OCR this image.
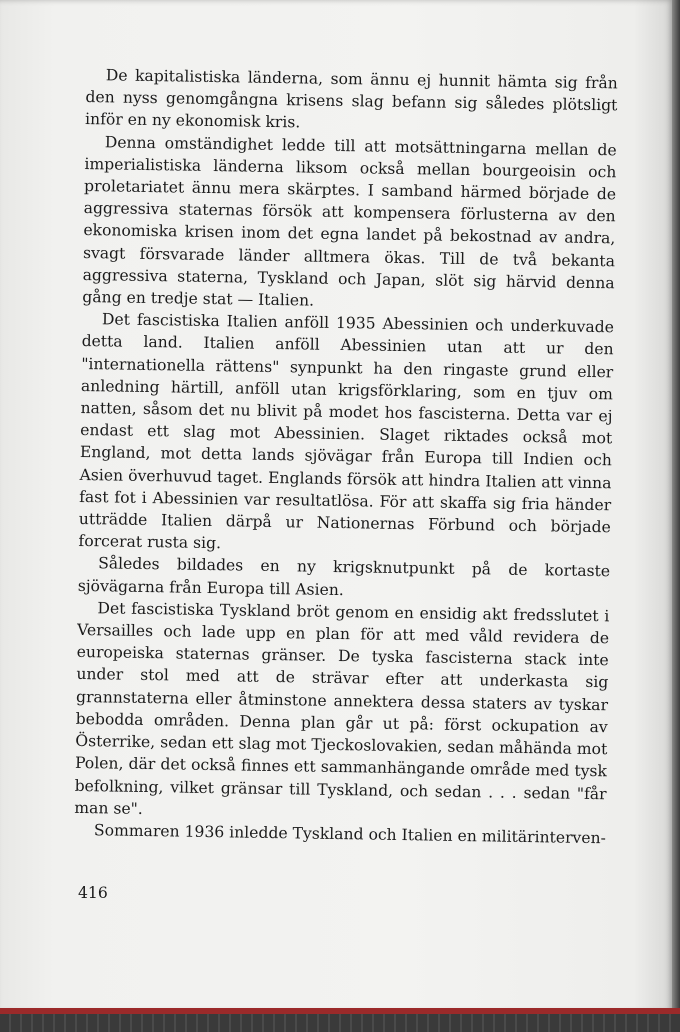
De kapitalistiska länderna, som ännu ej hunnit hämta sig från den nyss genomgångna krisens slag befann sig således plötsligt inför en ny ekonomisk kris.

Denna omständighet ledde till att motsättningarna mellan de imperialistiska länderna liksom också mellan bourgeoisin och proletariatet ännu mera skärptes. I samband härmed började de aggressiva staternas försök att kompensera förlusterna av den ekonomiska krisen inom det egna landet på bekostnad av andra, svagt försvarade länder alltmera ökas. Till de två bekanta aggressiva staterna, Tyskland och Japan, slöt sig härvid denna gång en tredje stat — Italien.

Det fascistiska Italien anföll 1935 Abessinien och underkuvade detta land. Italien anföll Abessinien utan att ur den "internationella rättens" synpunkt ha den ringaste grund eller anledning härtill, anföll utan krigsförklaring, som en tjuv om natten, såsom det nu blivit på modet hos fascisterna. Detta var ej endast ett slag mot Abessinien. Slaget riktades också mot England, mot detta lands sjövägar från Europa till Indien och Asien överhuvud taget. Englands försök att hindra Italien att vinna fast fot i Abessinien var resultatlösa. För att skaffa sig fria händer utträdde Italien därpå ur Nationernas Förbund och började forcerat rusta sig.

Således bildades en ny krigsknutpunkt på de kortaste sjövägarna från Europa till Asien.

Det fascistiska Tyskland bröt genom en ensidig akt fredsslutet i Versailles och lade upp en plan för att med våld revidera de europeiska staternas gränser. De tyska fascisterna stack inte under stol med att de strävar efter att underkasta sig grannstaterna eller åtminstone annektera dessa staters av tyskar bebodda områden. Denna plan går ut på: först ockupation av Österrike, sedan ett slag mot Tjeckoslovakien, sedan måhända mot Polen, där det också finnes ett sammanhängande område med tysk befolkning, vilket gränsar till Tyskland, och sedan . . . sedan "får man se".

Sommaren 1936 inledde Tyskland och Italien en militärinterven-

416
